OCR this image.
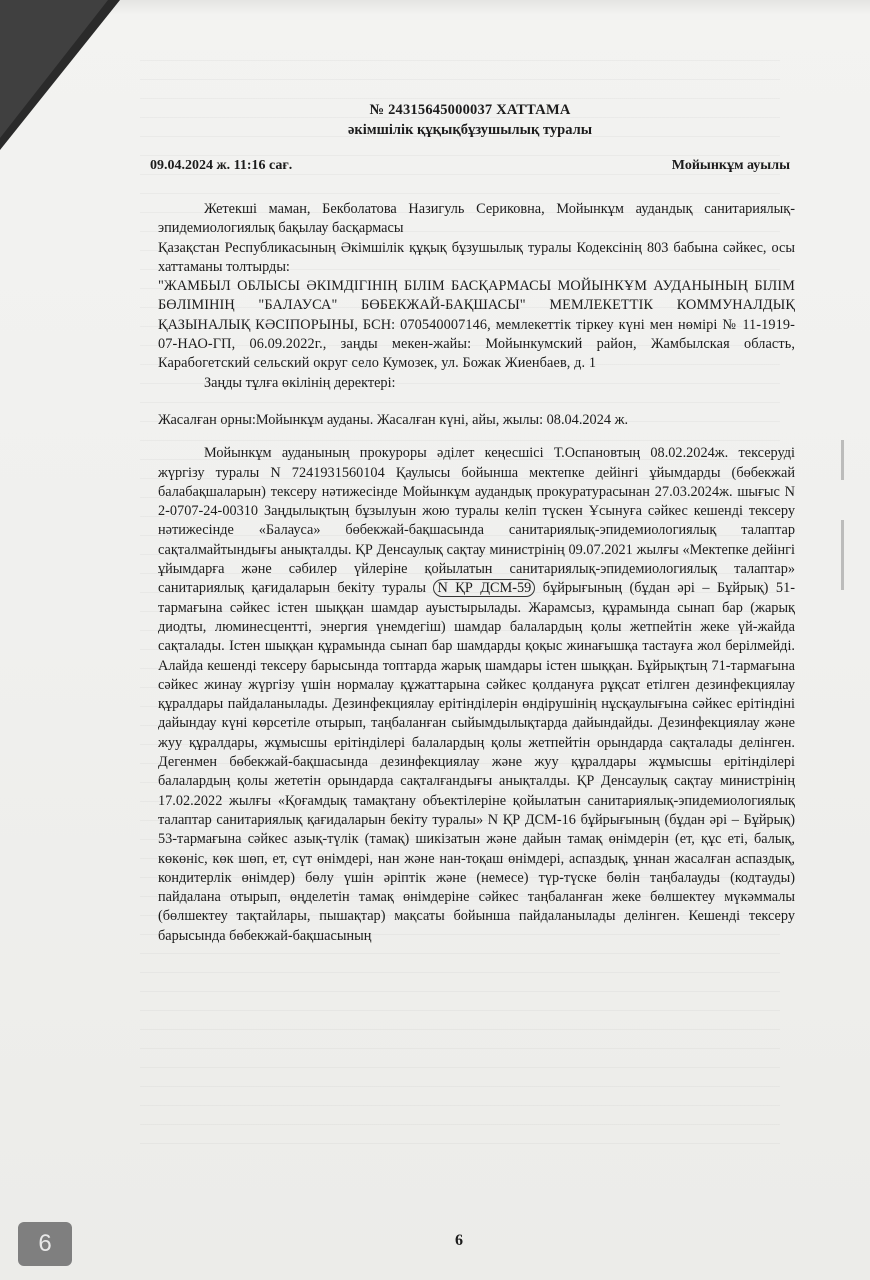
№ 24315645000037 ХАТТАМА
әкімшілік құқықбұзушылық туралы
09.04.2024 ж. 11:16 сағ.	Мойынкұм ауылы

Жетекші маман, Бекболатова Назигуль Сериковна, Мойынкұм аудандық санитариялық-эпидемиологиялық бақылау басқармасы

Қазақстан Республикасының Әкімшілік құқық бұзушылық туралы Кодексінің 803 бабына сәйкес, осы хаттаманы толтырды:

"ЖАМБЫЛ ОБЛЫСЫ ӘКІМДІГІНІҢ БІЛІМ БАСҚАРМАСЫ МОЙЫНКҰМ АУДАНЫНЫҢ БІЛІМ БӨЛІМІНІҢ "БАЛАУСА" БӨБЕКЖАЙ-БАҚШАСЫ" МЕМЛЕКЕТТІК КОММУНАЛДЫҚ ҚАЗЫНАЛЫҚ КӘСІПОРЫНЫ, БСН: 070540007146, мемлекеттік тіркеу күні мен нөмірі № 11-1919-07-НАО-ГП, 06.09.2022г., заңды мекен-жайы: Мойынкумский район, Жамбылская область, Карабогетский сельский округ село Кумозек, ул. Божак Жиенбаев, д. 1

Заңды тұлға өкілінің деректері:

Жасалған орны:Мойынкұм ауданы. Жасалған күні, айы, жылы: 08.04.2024 ж.

Мойынкұм ауданының прокуроры әділет кеңесшісі Т.Оспановтың 08.02.2024ж. тексеруді жүргізу туралы N 7241931560104 Қаулысы бойынша мектепке дейінгі ұйымдарды (бөбекжай балабақшаларын) тексеру нәтижесінде Мойынкұм аудандық прокуратурасынан 27.03.2024ж. шығыс N 2-0707-24-00310 Заңдылықтың бұзылуын жою туралы келіп түскен Ұсынуға сәйкес кешенді тексеру нәтижесінде «Балауса» бөбекжай-бақшасында санитариялық-эпидемиологиялық талаптар сақталмайтындығы анықталды. ҚР Денсаулық сақтау министрінің 09.07.2021 жылғы «Мектепке дейінгі ұйымдарға және сәбилер үйлеріне қойылатын санитариялық-эпидемиологиялық талаптар» санитариялық қағидаларын бекіту туралы N ҚР ДСМ-59 бұйрығының (бұдан әрі – Бұйрық) 51-тармағына сәйкес істен шыққан шамдар ауыстырылады. Жарамсыз, құрамында сынап бар (жарық диодты, люминесцентті, энергия үнемдегіш) шамдар балалардың қолы жетпейтін жеке үй-жайда сақталады. Істен шыққан құрамында сынап бар шамдарды қоқыс жинағышқа тастауға жол берілмейді. Алайда кешенді тексеру барысында топтарда жарық шамдары істен шыққан. Бұйрықтың 71-тармағына сәйкес жинау жүргізу үшін нормалау құжаттарына сәйкес қолдануға рұқсат етілген дезинфекциялау құралдары пайдаланылады. Дезинфекциялау ерітінділерін өндірушінің нұсқаулығына сәйкес ерітіндіні дайындау күні көрсетіле отырып, таңбаланған сыйымдылықтарда дайындайды. Дезинфекциялау және жуу құралдары, жұмысшы ерітінділері балалардың қолы жетпейтін орындарда сақталады делінген. Дегенмен бөбекжай-бақшасында дезинфекциялау және жуу құралдары жұмысшы ерітінділері балалардың қолы жететін орындарда сақталғандығы анықталды. ҚР Денсаулық сақтау министрінің 17.02.2022 жылғы «Қоғамдық тамақтану объектілеріне қойылатын санитариялық-эпидемиологиялық талаптар санитариялық қағидаларын бекіту туралы» N ҚР ДСМ-16 бұйрығының (бұдан әрі – Бұйрық) 53-тармағына сәйкес азық-түлік (тамақ) шикізатын және дайын тамақ өнімдерін (ет, құс еті, балық, көкөніс, көк шөп, ет, сүт өнімдері, нан және нан-тоқаш өнімдері, аспаздық, ұннан жасалған аспаздық, кондитерлік өнімдер) бөлу үшін әріптік және (немесе) түр-түске бөлін таңбалауды (кодтауды) пайдалана отырып, өңделетін тамақ өнімдеріне сәйкес таңбаланған жеке бөлшектеу мүкәммалы (бөлшектеу тақтайлары, пышақтар) мақсаты бойынша пайдаланылады делінген. Кешенді тексеру барысында бөбекжай-бақшасының

6
6
